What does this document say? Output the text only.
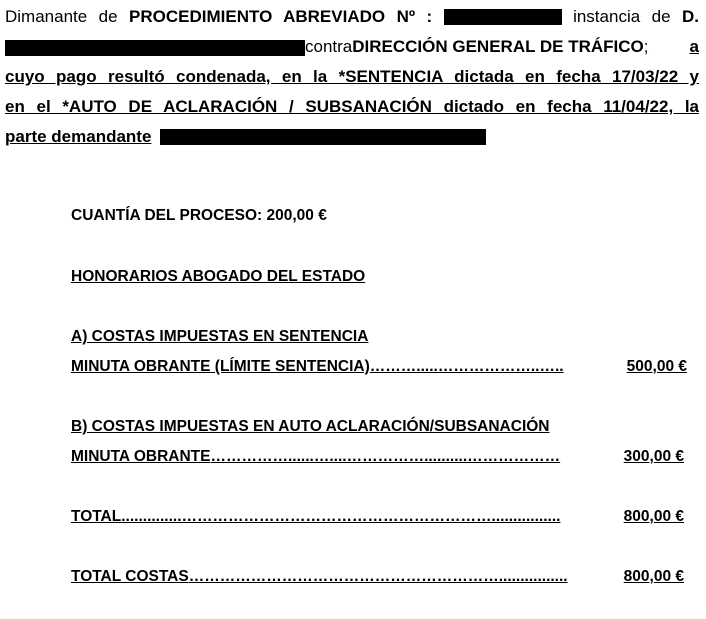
Dimanante de PROCEDIMIENTO ABREVIADO Nº :	instancia de D.
contra DIRECCIÓN GENERAL DE TRÁFICO ; a
cuyo pago resultó condenada, en la *SENTENCIA dictada en fecha 17/03/22 y
en el *AUTO DE ACLARACIÓN / SUBSANACIÓN dictado en fecha 11/04/22, la
parte demandante
CUANTÍA DEL PROCESO: 200,00 €
HONORARIOS ABOGADO DEL ESTADO
A) COSTAS IMPUESTAS EN SENTENCIA
MINUTA OBRANTE (LÍMITE SENTENCIA) ……….....………………..…..	500,00 €
B) COSTAS IMPUESTAS EN AUTO ACLARACIÓN/SUBSANACIÓN
MINUTA OBRANTE ……………......…....……………..........………………	300,00 €
TOTAL ..............……………………………………………………................	800,00 €
TOTAL COSTAS ……………………………………………………................	800,00 €
